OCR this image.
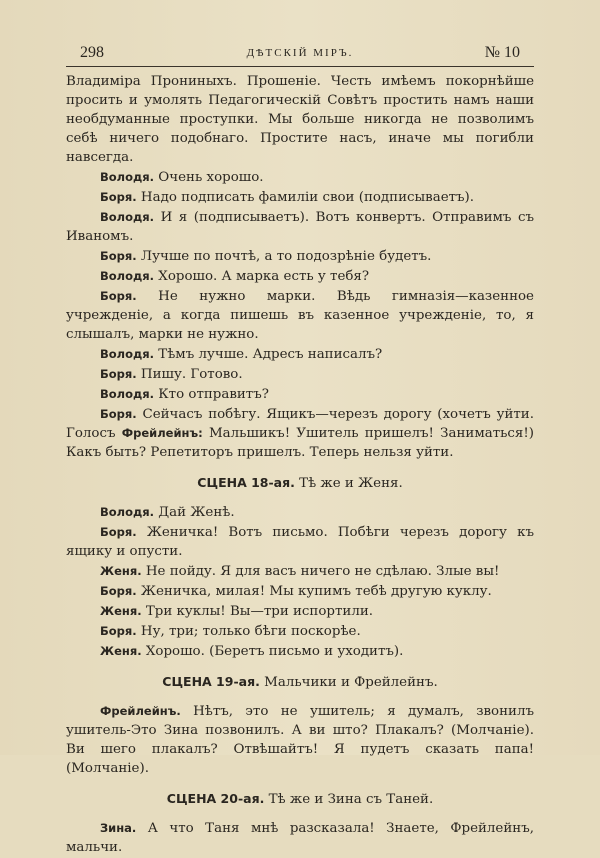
298	ДѢТСКІЙ МІРЪ.	№ 10
Владиміра Прониныхъ. Прошеніе. Честь имѣемъ покорнѣйше просить и умолять Педагогическій Совѣтъ простить намъ наши необдуманные проступки. Мы больше никогда не позволимъ себѣ ничего подобнаго. Простите насъ, иначе мы погибли навсегда.
Володя. Очень хорошо.
Боря. Надо подписать фамиліи свои (подписываетъ).
Володя. И я (подписываетъ). Вотъ конвертъ. Отправимъ съ Иваномъ.
Боря. Лучше по почтѣ, а то подозрѣніе будетъ.
Володя. Хорошо. А марка есть у тебя?
Боря. Не нужно марки. Вѣдь гимназія—казенное учрежденіе, а когда пишешь въ казенное учрежденіе, то, я слышалъ, марки не нужно.
Володя. Тѣмъ лучше. Адресъ написалъ?
Боря. Пишу. Готово.
Володя. Кто отправитъ?
Боря. Сейчасъ побѣгу. Ящикъ—черезъ дорогу (хочетъ уйти. Голосъ Фрейлейнъ: Мальшикъ! Ушитель пришелъ! Заниматься!) Какъ быть? Репетиторъ пришелъ. Теперь нельзя уйти.
СЦЕНА 18-ая. Тѣ же и Женя.
Володя. Дай Женѣ.
Боря. Женичка! Вотъ письмо. Побѣги черезъ дорогу къ ящику и опусти.
Женя. Не пойду. Я для васъ ничего не сдѣлаю. Злые вы!
Боря. Женичка, милая! Мы купимъ тебѣ другую куклу.
Женя. Три куклы! Вы—три испортили.
Боря. Ну, три; только бѣги поскорѣе.
Женя. Хорошо. (Беретъ письмо и уходитъ).
СЦЕНА 19-ая. Мальчики и Фрейлейнъ.
Фрейлейнъ. Нѣтъ, это не ушитель; я думалъ, звонилъ ушитель-Это Зина позвонилъ. А ви што? Плакалъ? (Молчаніе). Ви шего плакалъ? Отвѣшайтъ! Я пудетъ сказать папа! (Молчаніе).
СЦЕНА 20-ая. Тѣ же и Зина съ Таней.
Зина. А что Таня мнѣ разсказала! Знаете, Фрейлейнъ, мальчи.
